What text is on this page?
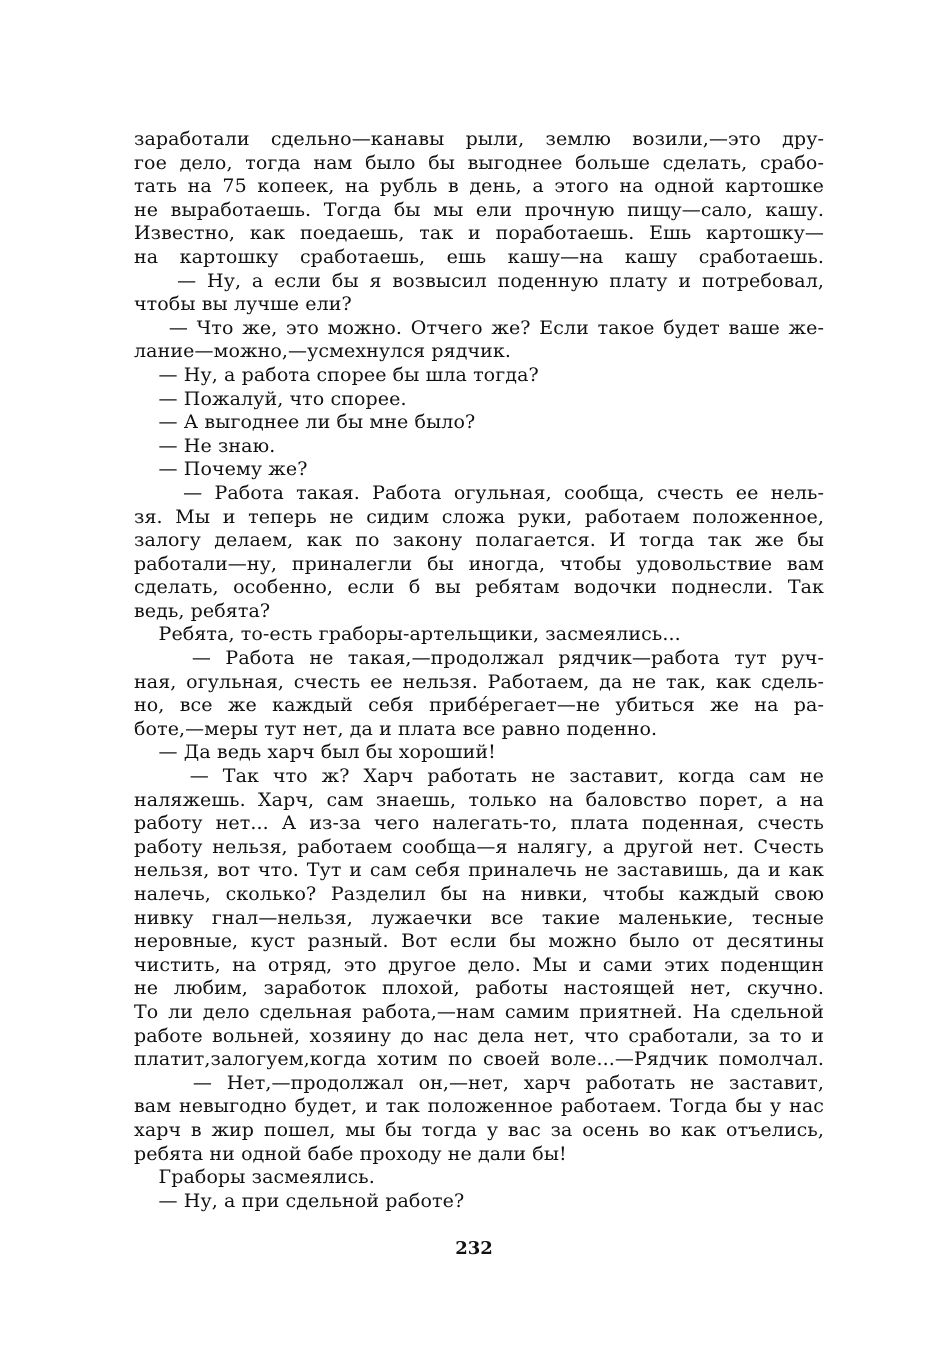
заработали сдельно—канавы рыли, землю возили,—это дру-
гое дело, тогда нам было бы выгоднее больше сделать, срабо-
тать на 75 копеек, на рубль в день, а этого на одной картошке
не выработаешь. Тогда бы мы ели прочную пищу—сало, кашу.
Известно, как поедаешь, так и поработаешь. Ешь картошку—
на картошку сработаешь, ешь кашу—на кашу сработаешь.
— Ну, а если бы я возвысил поденную плату и потребовал,
чтобы вы лучше ели?
— Что же, это можно. Отчего же? Если такое будет ваше же-
лание—можно,—усмехнулся рядчик.
— Ну, а работа спорее бы шла тогда?
— Пожалуй, что спорее.
— А выгоднее ли бы мне было?
— Не знаю.
— Почему же?
— Работа такая. Работа огульная, сообща, счесть ее нель-
зя. Мы и теперь не сидим сложа руки, работаем положенное,
залогу делаем, как по закону полагается. И тогда так же бы
работали—ну, приналегли бы иногда, чтобы удовольствие вам
сделать, особенно, если б вы ребятам водочки поднесли. Так
ведь, ребята?
Ребята, то-есть граборы-артельщики, засмеялись...
— Работа не такая,—продолжал рядчик—работа тут руч-
ная, огульная, счесть ее нельзя. Работаем, да не так, как сдель-
но, все же каждый себя прибéрегает—не убиться же на ра-
боте,—меры тут нет, да и плата все равно поденно.
— Да ведь харч был бы хороший!
— Так что ж? Харч работать не заставит, когда сам не
наляжешь. Харч, сам знаешь, только на баловство порет, а на
работу нет... А из-за чего налегать-то, плата поденная, счесть
работу нельзя, работаем сообща—я налягу, а другой нет. Счесть
нельзя, вот что. Тут и сам себя приналечь не заставишь, да и как
налечь, сколько? Разделил бы на нивки, чтобы каждый свою
нивку гнал—нельзя, лужаечки все такие маленькие, тесные
неровные, куст разный. Вот если бы можно было от десятины
чистить, на отряд, это другое дело. Мы и сами этих поденщин
не любим, заработок плохой, работы настоящей нет, скучно.
То ли дело сдельная работа,—нам самим приятней. На сдельной
работе вольней, хозяину до нас дела нет, что сработали, за то и
платит,залогуем,когда хотим по своей воле...—Рядчик помолчал.
— Нет,—продолжал он,—нет, харч работать не заставит,
вам невыгодно будет, и так положенное работаем. Тогда бы у нас
харч в жир пошел, мы бы тогда у вас за осень во как отъелись,
ребята ни одной бабе проходу не дали бы!
Граборы засмеялись.
— Ну, а при сдельной работе?
232
